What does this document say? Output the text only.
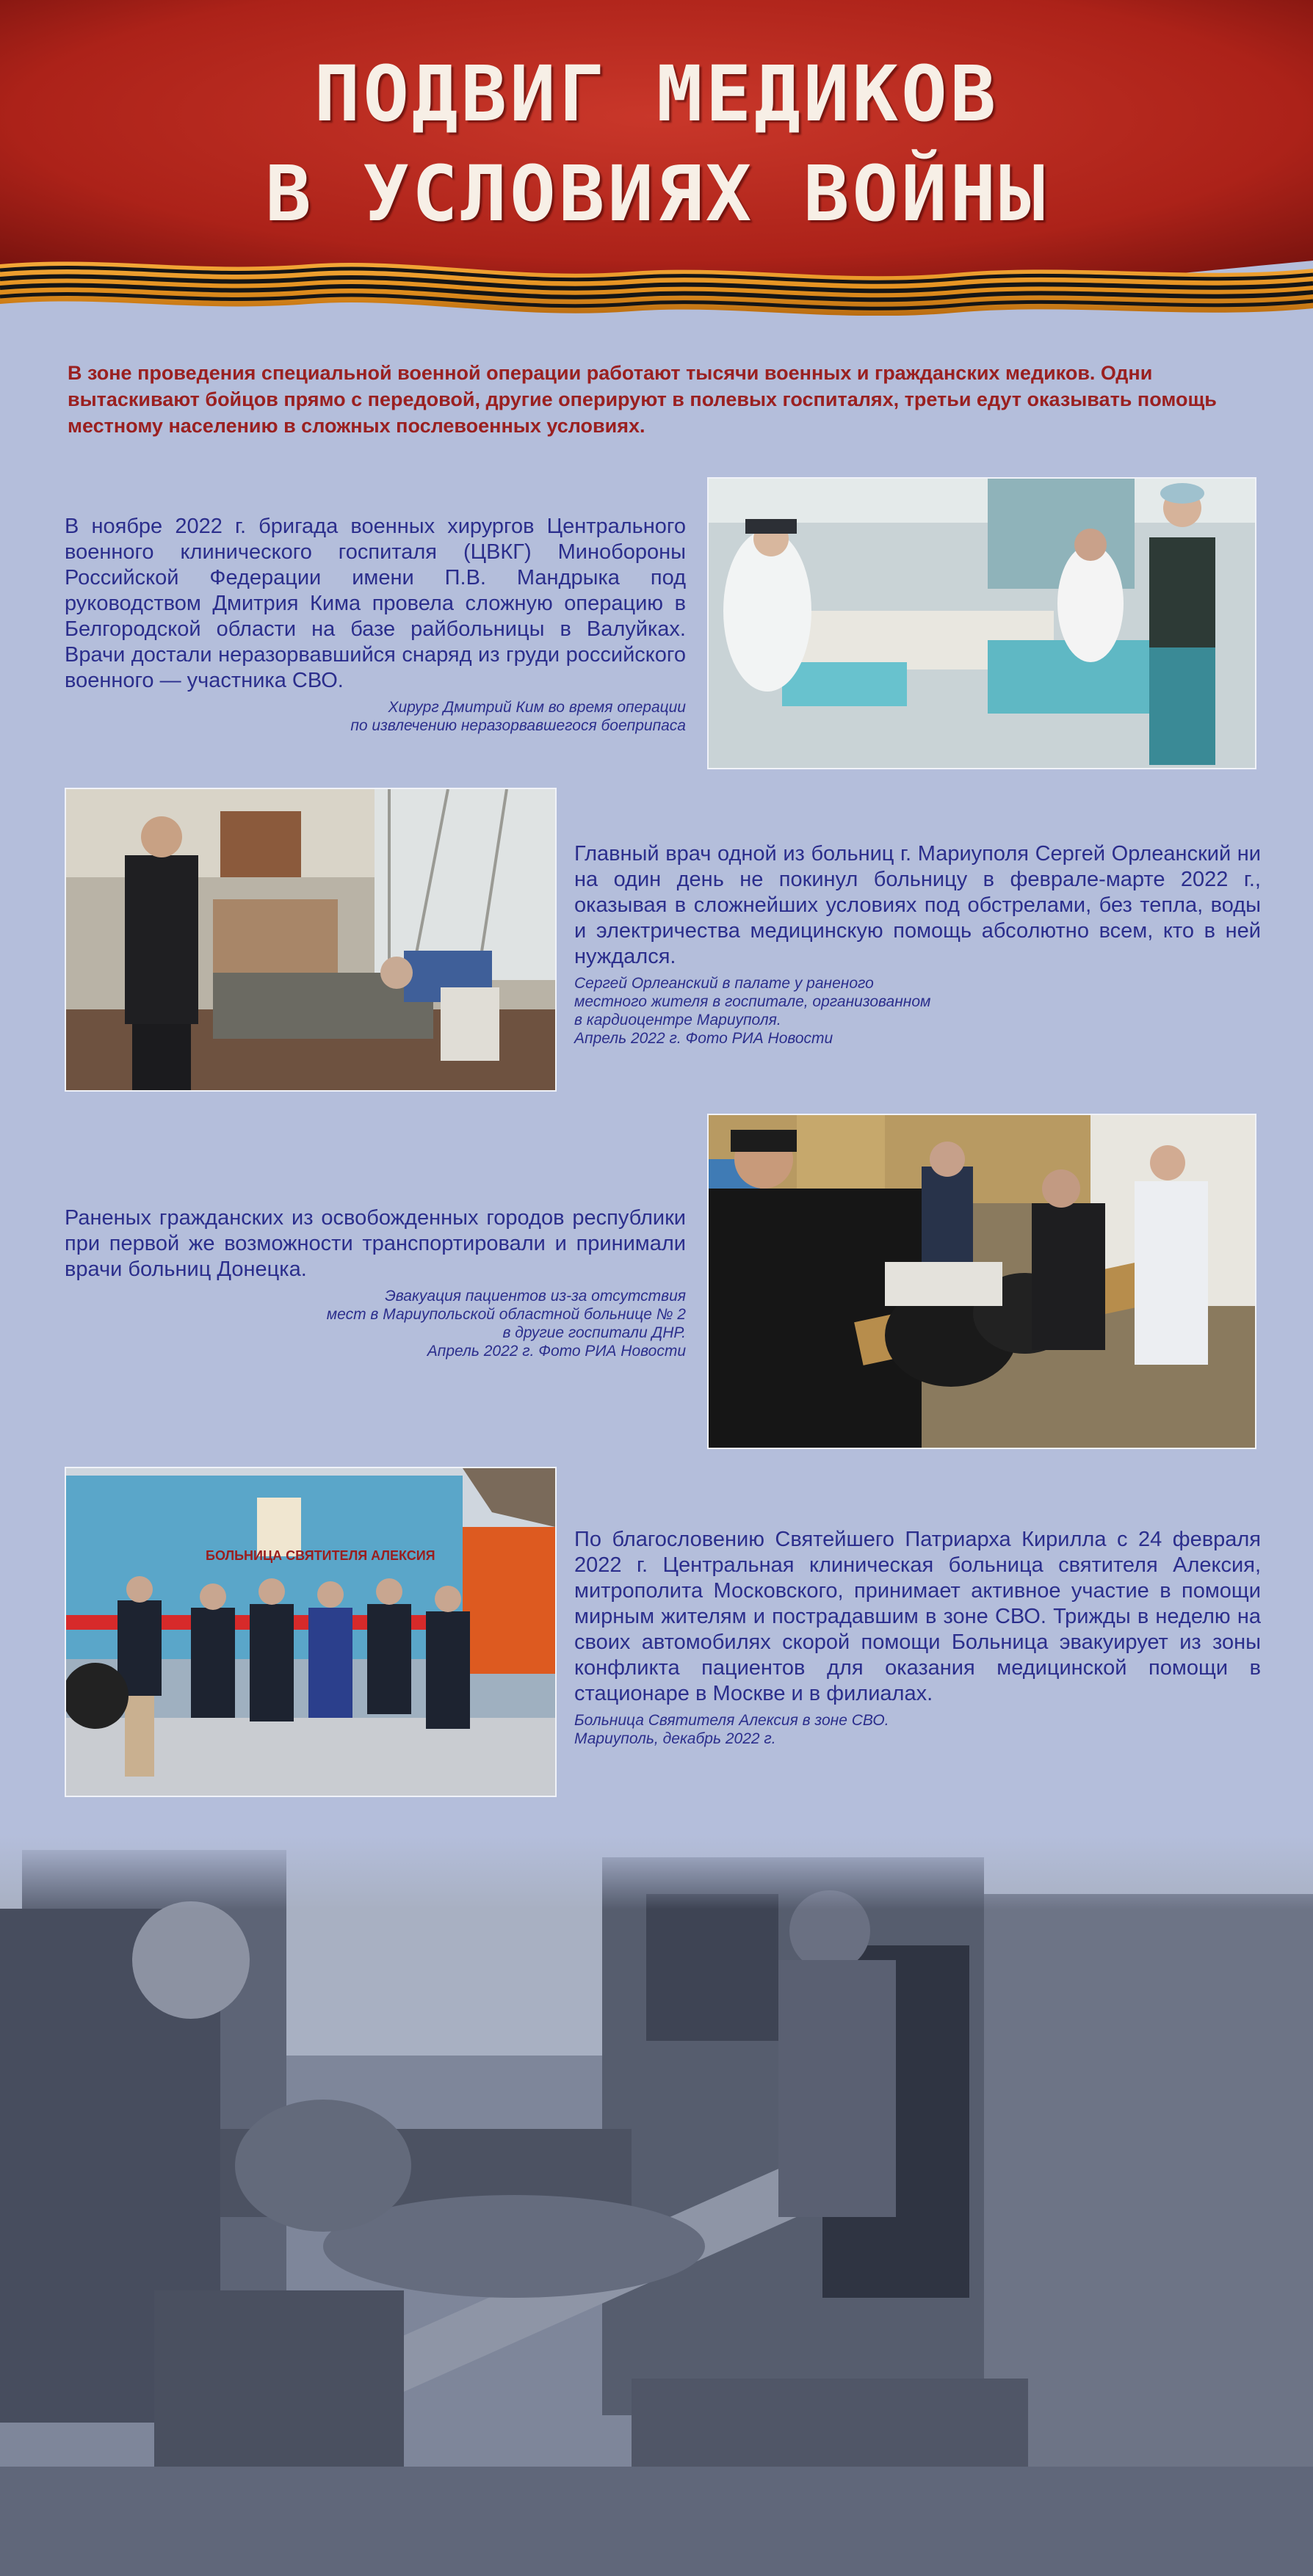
ПОДВИГ МЕДИКОВ
В УСЛОВИЯХ ВОЙНЫ
В зоне проведения специальной военной операции работают тысячи военных и гражданских медиков. Одни вытаскивают бойцов прямо с передовой, другие оперируют в полевых госпиталях, третьи едут оказывать помощь местному населению в сложных послевоенных условиях.
В ноябре 2022 г. бригада военных хирургов Центрального военного клинического госпиталя (ЦВКГ) Минобороны Российской Федерации имени П.В. Мандрыка под руководством Дмитрия Кима провела сложную операцию в Белгородской области на базе райбольницы в Валуйках. Врачи достали неразорвавшийся снаряд из груди российского военного — участника СВО.
Хирург Дмитрий Ким во время операции
по извлечению неразорвавшегося боеприпаса
Главный врач одной из больниц г. Мариуполя Сергей Орлеанский ни на один день не покинул больницу в феврале-марте 2022 г., оказывая в сложнейших условиях под обстрелами, без тепла, воды и электричества медицинскую помощь абсолютно всем, кто в ней нуждался.
Сергей Орлеанский в палате у раненого
местного жителя в госпитале, организованном
в кардиоцентре Мариуполя.
Апрель 2022 г. Фото РИА Новости
Раненых гражданских из освобожденных городов республики при первой же возможности транспортировали и принимали врачи больниц Донецка.
Эвакуация пациентов из-за отсутствия
мест в Мариупольской областной больнице № 2
в другие госпитали ДНР.
Апрель 2022 г. Фото РИА Новости
БОЛЬНИЦА СВЯТИТЕЛЯ АЛЕКСИЯ
По благословению Святейшего Патриарха Кирилла с 24 февраля 2022 г. Центральная клиническая больница святителя Алексия, митрополита Московского, принимает активное участие в помощи мирным жителям и пострадавшим в зоне СВО. Трижды в неделю на своих автомобилях скорой помощи Больница эвакуирует из зоны конфликта пациентов для оказания медицинской помощи в стационаре в Москве и в филиалах.
Больница Святителя Алексия в зоне СВО.
Мариуполь, декабрь 2022 г.
